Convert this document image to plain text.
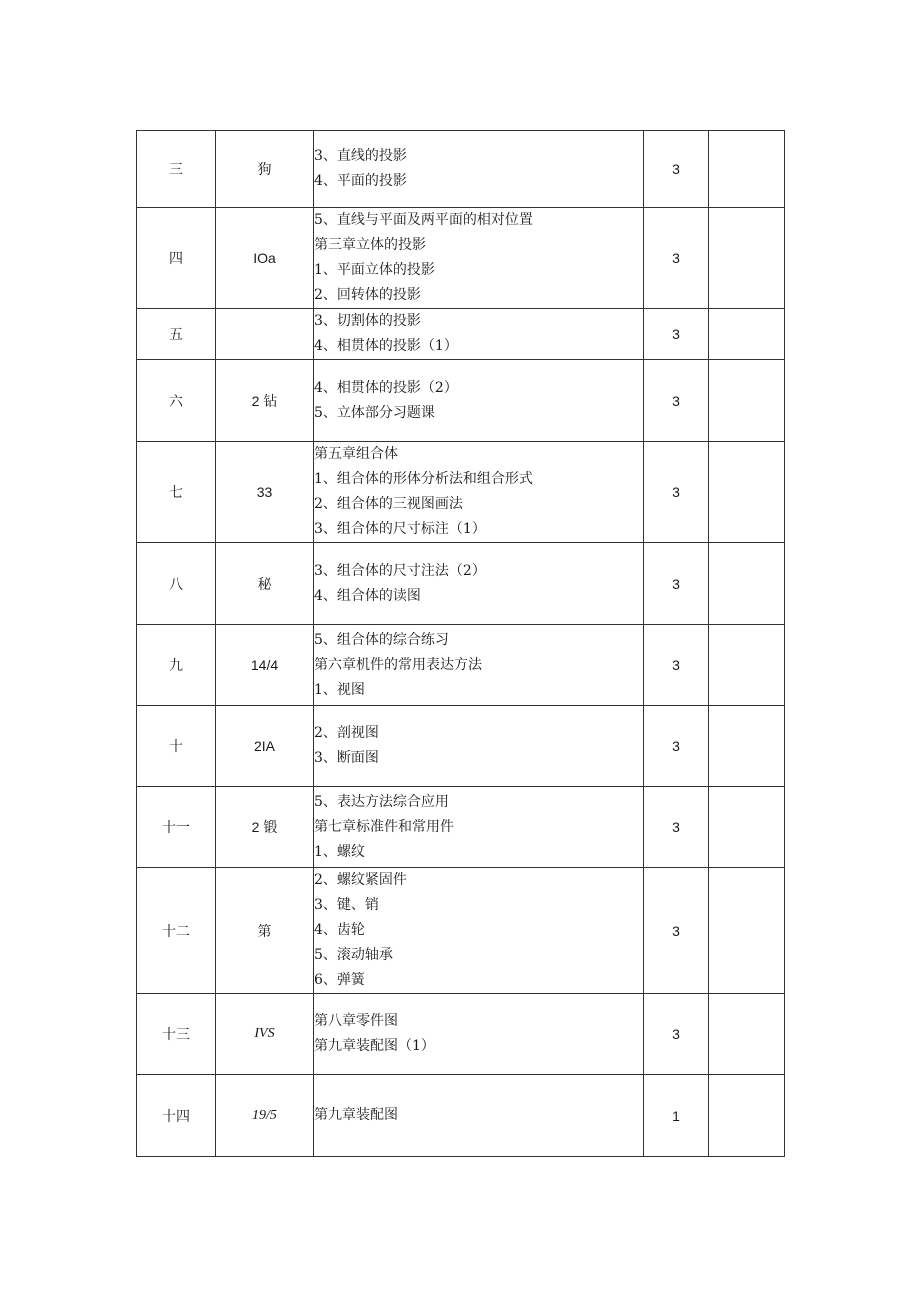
三	狗	3、直线的投影
4、平面的投影	3	
四	IOa	5、直线与平面及两平面的相对位置
第三章立体的投影
1、平面立体的投影
2、回转体的投影	3	
五		3、切割体的投影
4、相贯体的投影（1）	3	
六	2 钻	4、相贯体的投影（2）
5、立体部分习题课	3	
七	33	第五章组合体
1、组合体的形体分析法和组合形式
2、组合体的三视图画法
3、组合体的尺寸标注（1）	3	
八	秘	3、组合体的尺寸注法（2）
4、组合体的读图	3	
九	14/4	5、组合体的综合练习
第六章机件的常用表达方法
1、视图	3	
十	2IA	2、剖视图
3、断面图	3	
十一	2 锻	5、表达方法综合应用
第七章标准件和常用件
1、螺纹	3	
十二	第	2、螺纹紧固件
3、键、销
4、齿轮
5、滚动轴承
6、弹簧	3	
十三	IVS	第八章零件图
第九章装配图（1）	3	
十四	19/5	第九章装配图	1	
